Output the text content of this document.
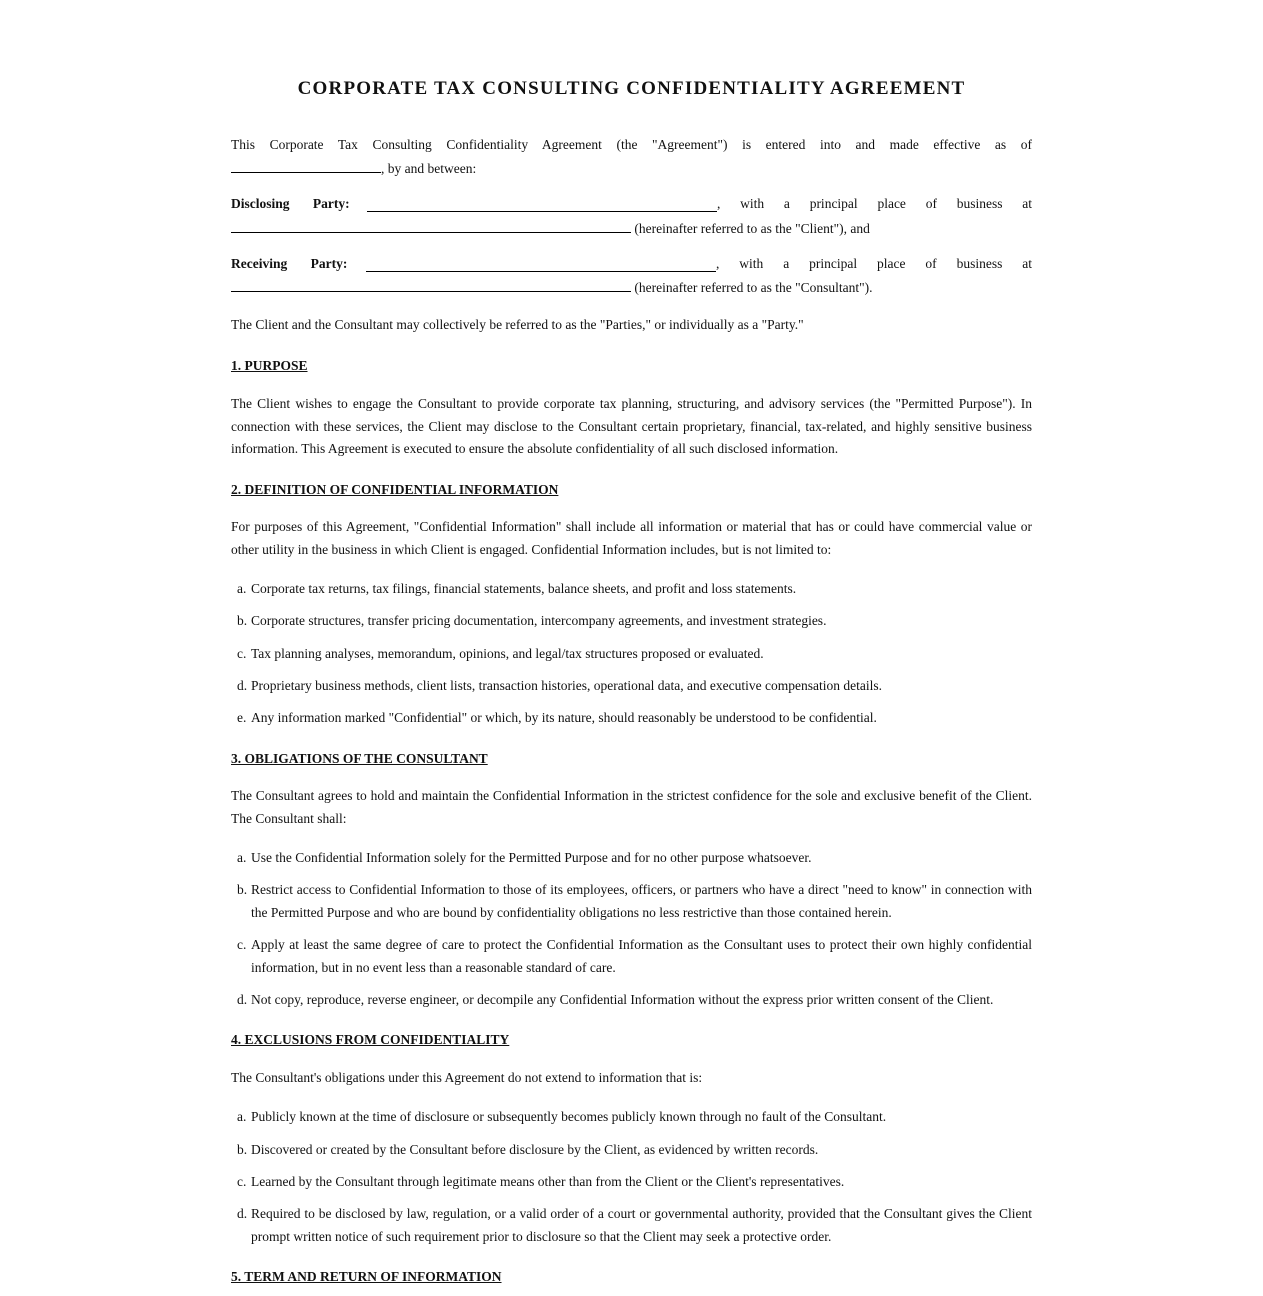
CORPORATE TAX CONSULTING CONFIDENTIALITY AGREEMENT
This Corporate Tax Consulting Confidentiality Agreement (the "Agreement") is entered into and made effective as of
, by and between:
Disclosing Party:	, with a principal place of business at
(hereinafter referred to as the "Client"), and
Receiving Party:	, with a principal place of business at
(hereinafter referred to as the "Consultant").
The Client and the Consultant may collectively be referred to as the "Parties," or individually as a "Party."
1. PURPOSE
The Client wishes to engage the Consultant to provide corporate tax planning, structuring, and advisory services (the "Permitted Purpose"). In connection with these services, the Client may disclose to the Consultant certain proprietary, financial, tax-related, and highly sensitive business information. This Agreement is executed to ensure the absolute confidentiality of all such disclosed information.
2. DEFINITION OF CONFIDENTIAL INFORMATION
For purposes of this Agreement, "Confidential Information" shall include all information or material that has or could have commercial value or other utility in the business in which Client is engaged. Confidential Information includes, but is not limited to:
a. Corporate tax returns, tax filings, financial statements, balance sheets, and profit and loss statements.
b. Corporate structures, transfer pricing documentation, intercompany agreements, and investment strategies.
c. Tax planning analyses, memorandum, opinions, and legal/tax structures proposed or evaluated.
d. Proprietary business methods, client lists, transaction histories, operational data, and executive compensation details.
e. Any information marked "Confidential" or which, by its nature, should reasonably be understood to be confidential.
3. OBLIGATIONS OF THE CONSULTANT
The Consultant agrees to hold and maintain the Confidential Information in the strictest confidence for the sole and exclusive benefit of the Client. The Consultant shall:
a. Use the Confidential Information solely for the Permitted Purpose and for no other purpose whatsoever.
b. Restrict access to Confidential Information to those of its employees, officers, or partners who have a direct "need to know" in connection with the Permitted Purpose and who are bound by confidentiality obligations no less restrictive than those contained herein.
c. Apply at least the same degree of care to protect the Confidential Information as the Consultant uses to protect their own highly confidential information, but in no event less than a reasonable standard of care.
d. Not copy, reproduce, reverse engineer, or decompile any Confidential Information without the express prior written consent of the Client.
4. EXCLUSIONS FROM CONFIDENTIALITY
The Consultant's obligations under this Agreement do not extend to information that is:
a. Publicly known at the time of disclosure or subsequently becomes publicly known through no fault of the Consultant.
b. Discovered or created by the Consultant before disclosure by the Client, as evidenced by written records.
c. Learned by the Consultant through legitimate means other than from the Client or the Client's representatives.
d. Required to be disclosed by law, regulation, or a valid order of a court or governmental authority, provided that the Consultant gives the Client prompt written notice of such requirement prior to disclosure so that the Client may seek a protective order.
5. TERM AND RETURN OF INFORMATION
